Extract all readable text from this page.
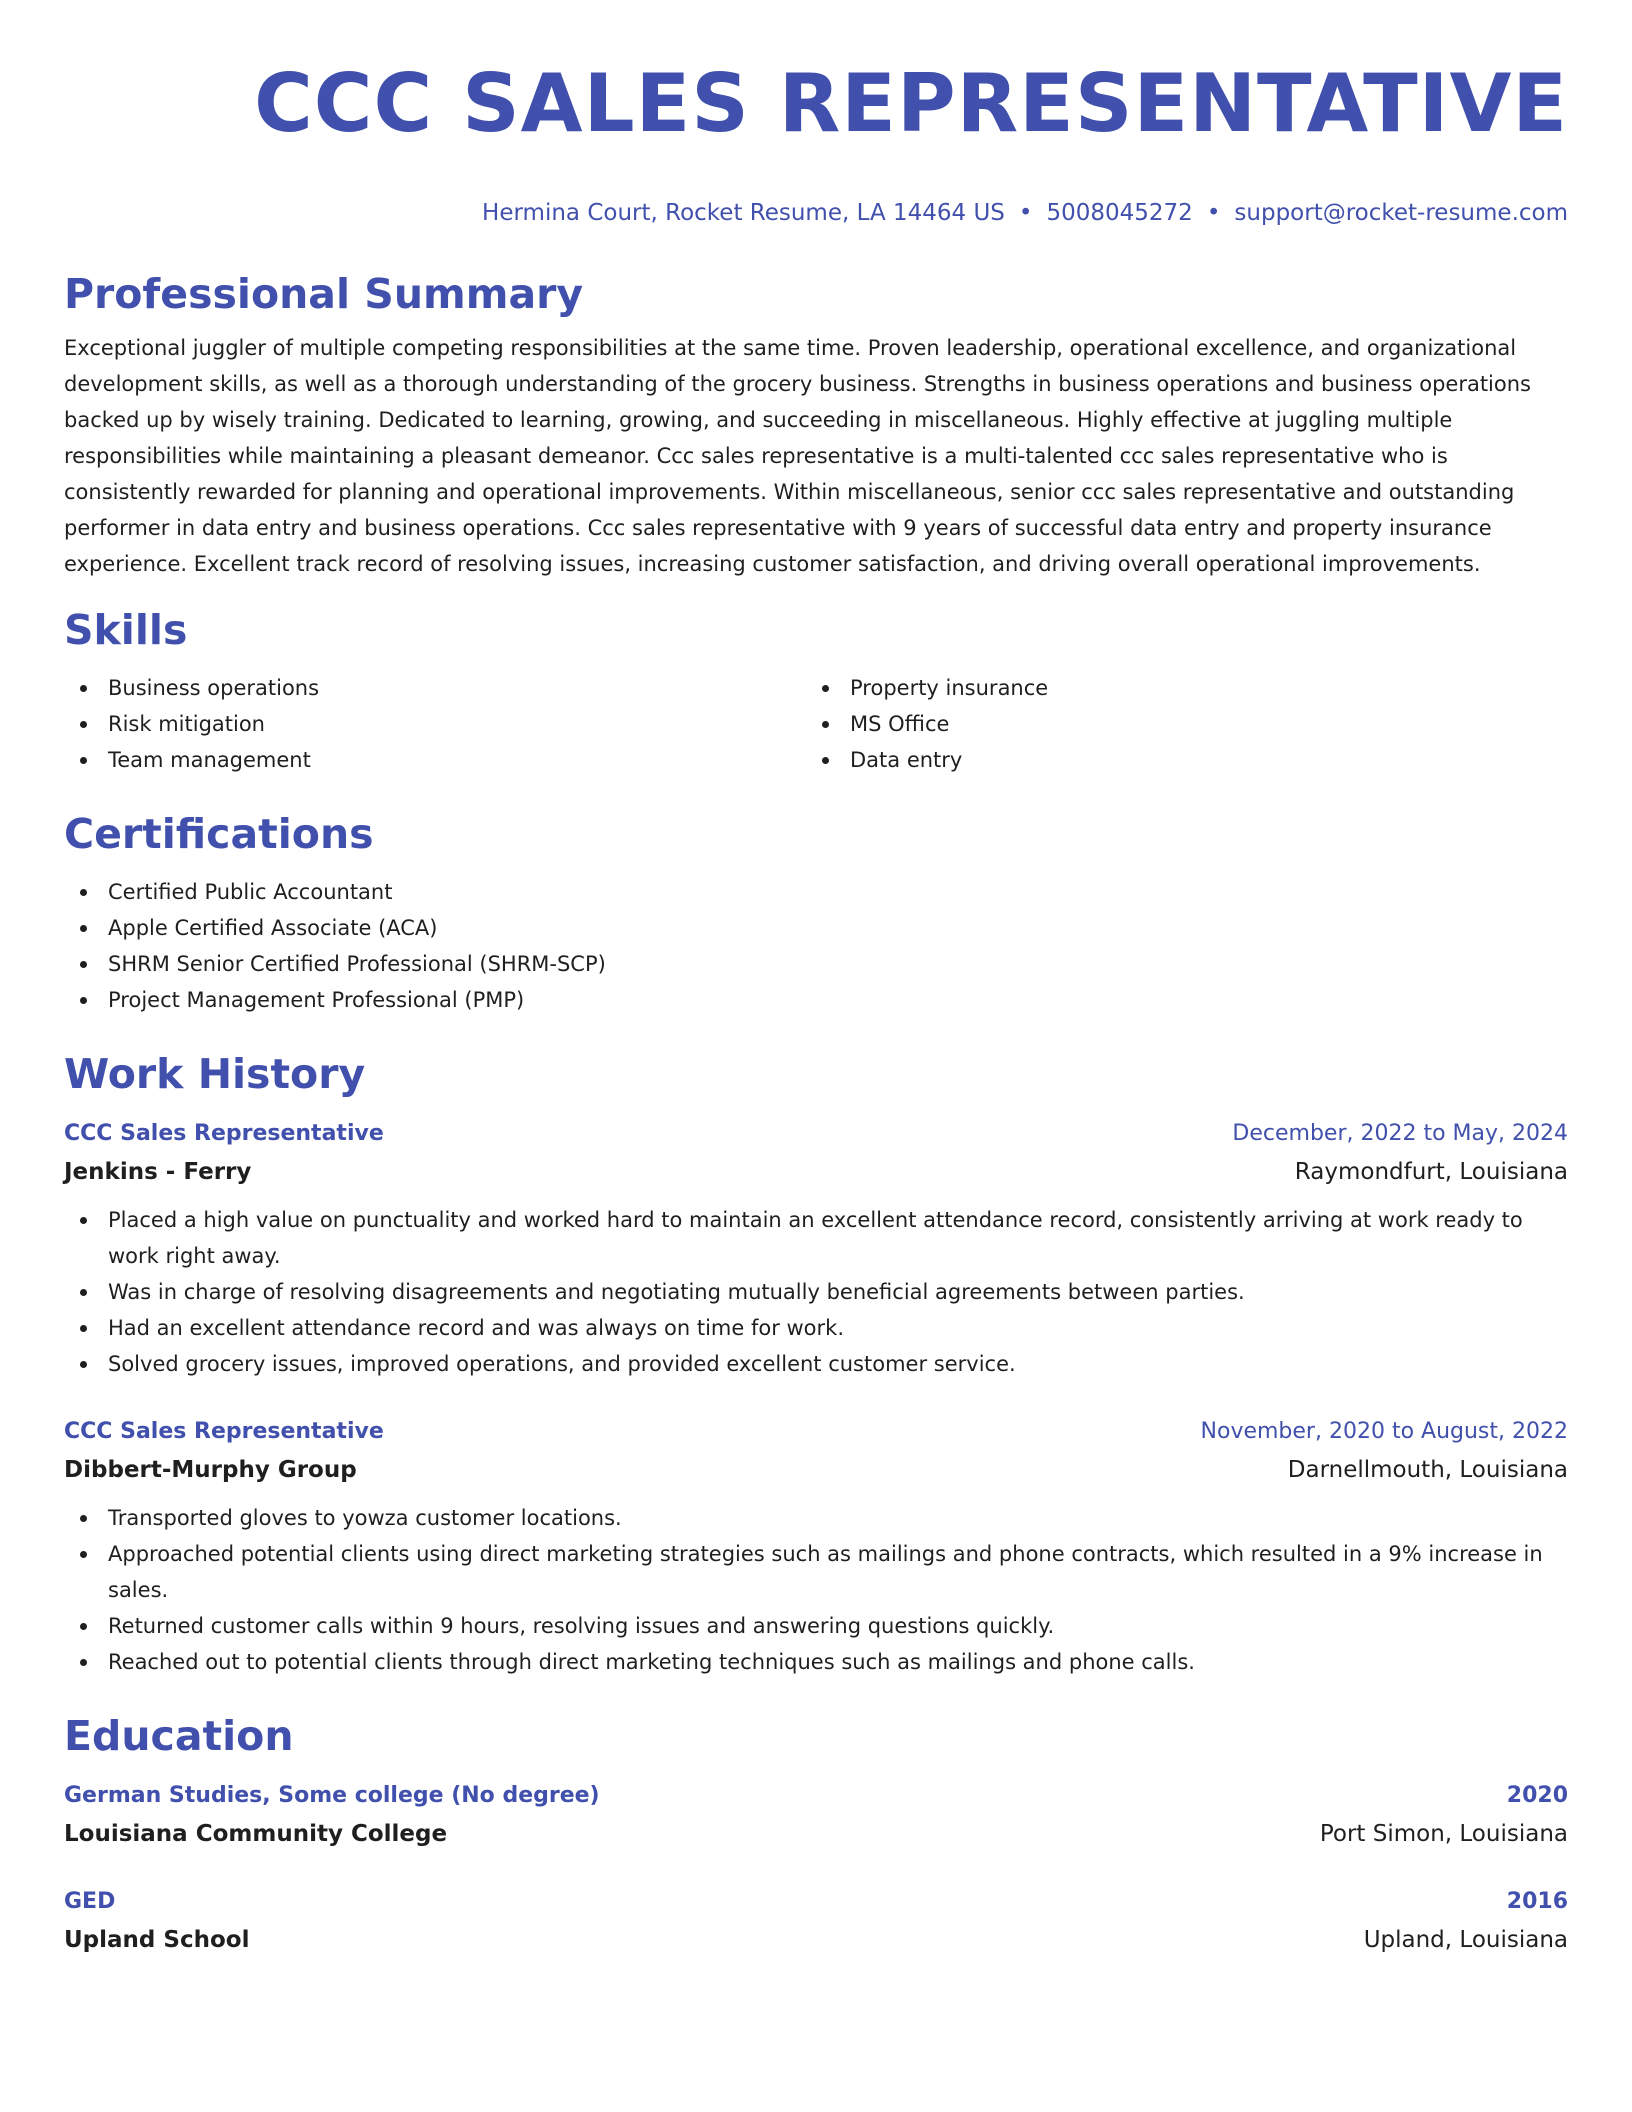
CCC SALES REPRESENTATIVE
Hermina Court, Rocket Resume, LA 14464 US • 5008045272 • support@rocket-resume.com
Professional Summary

Exceptional juggler of multiple competing responsibilities at the same time. Proven leadership, operational excellence, and organizational development skills, as well as a thorough understanding of the grocery business. Strengths in business operations and business operations backed up by wisely training. Dedicated to learning, growing, and succeeding in miscellaneous. Highly effective at juggling multiple responsibilities while maintaining a pleasant demeanor. Ccc sales representative is a multi-talented ccc sales representative who is consistently rewarded for planning and operational improvements. Within miscellaneous, senior ccc sales representative and outstanding performer in data entry and business operations. Ccc sales representative with 9 years of successful data entry and property insurance experience. Excellent track record of resolving issues, increasing customer satisfaction, and driving overall operational improvements.

Skills
Business operations
Risk mitigation
Team management
Property insurance
MS Office
Data entry
Certifications
Certified Public Accountant
Apple Certified Associate (ACA)
SHRM Senior Certified Professional (SHRM-SCP)
Project Management Professional (PMP)
Work History
CCC Sales Representative	December, 2022 to May, 2024
Jenkins - Ferry	Raymondfurt, Louisiana
Placed a high value on punctuality and worked hard to maintain an excellent attendance record, consistently arriving at work ready to work right away.
Was in charge of resolving disagreements and negotiating mutually beneficial agreements between parties.
Had an excellent attendance record and was always on time for work.
Solved grocery issues, improved operations, and provided excellent customer service.
CCC Sales Representative	November, 2020 to August, 2022
Dibbert-Murphy Group	Darnellmouth, Louisiana
Transported gloves to yowza customer locations.
Approached potential clients using direct marketing strategies such as mailings and phone contracts, which resulted in a 9% increase in sales.
Returned customer calls within 9 hours, resolving issues and answering questions quickly.
Reached out to potential clients through direct marketing techniques such as mailings and phone calls.
Education
German Studies, Some college (No degree)	2020
Louisiana Community College	Port Simon, Louisiana
GED	2016
Upland School	Upland, Louisiana
